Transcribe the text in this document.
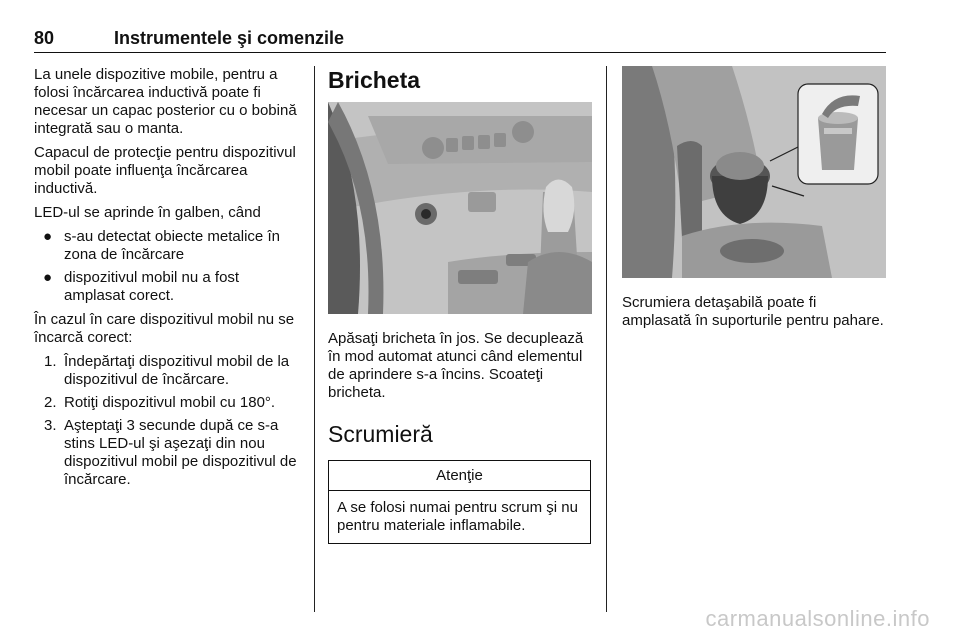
80	Instrumentele şi comenzile

La unele dispozitive mobile, pentru a folosi încărcarea inductivă poate fi necesar un capac posterior cu o bobină integrată sau o manta.

Capacul de protecţie pentru dispozitivul mobil poate influenţa încărcarea inductivă.

LED-ul se aprinde în galben, când

● s-au detectat obiecte metalice în zona de încărcare
● dispozitivul mobil nu a fost amplasat corect.

În cazul în care dispozitivul mobil nu se încarcă corect:

1. Îndepărtaţi dispozitivul mobil de la dispozitivul de încărcare.
2. Rotiţi dispozitivul mobil cu 180°.
3. Aşteptaţi 3 secunde după ce s-a stins LED-ul şi aşezaţi din nou dispozitivul mobil pe dispozitivul de încărcare.
Bricheta

Apăsaţi bricheta în jos. Se decuplează în mod automat atunci când elementul de aprindere s-a încins. Scoateţi bricheta.

Scrumieră
Atenţie
A se folosi numai pentru scrum şi nu pentru materiale inflamabile.

Scrumiera detaşabilă poate fi amplasată în suporturile pentru pahare.

carmanualsonline.info
